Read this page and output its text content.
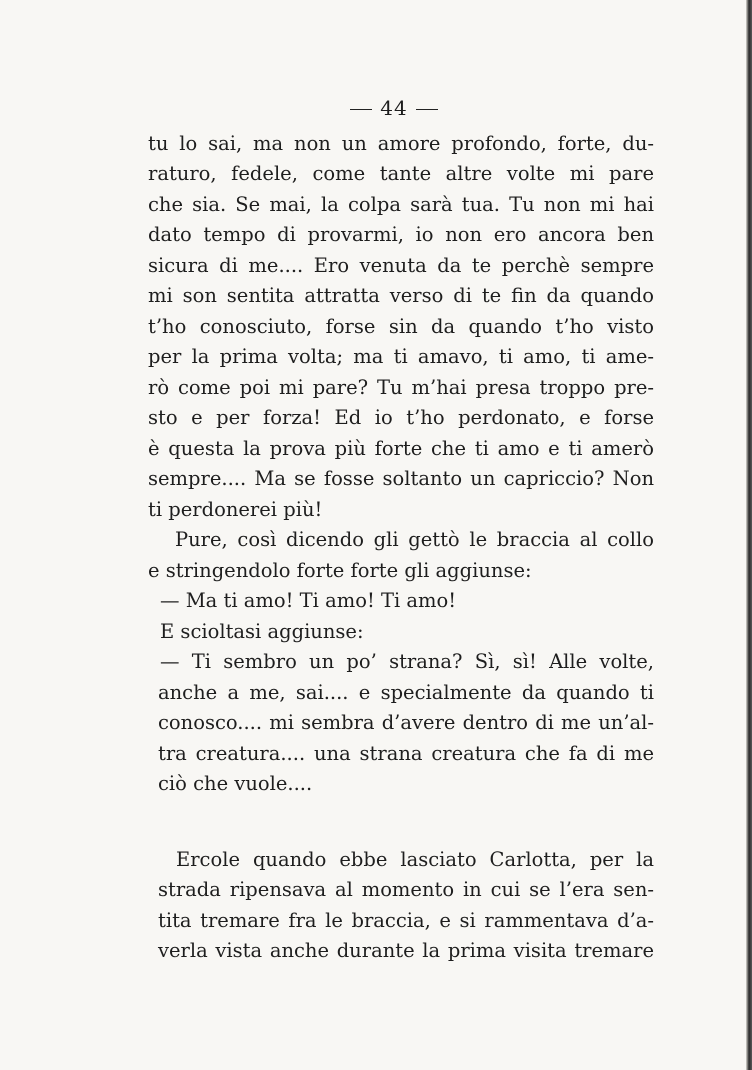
44
tu lo sai, ma non un amore profondo, forte, du-
raturo, fedele, come tante altre volte mi pare
che sia. Se mai, la colpa sarà tua. Tu non mi hai
dato tempo di provarmi, io non ero ancora ben
sicura di me.... Ero venuta da te perchè sempre
mi son sentita attratta verso di te fin da quando
t’ho conosciuto, forse sin da quando t’ho visto
per la prima volta; ma ti amavo, ti amo, ti ame-
rò come poi mi pare? Tu m’hai presa troppo pre-
sto e per forza! Ed io t’ho perdonato, e forse
è questa la prova più forte che ti amo e ti amerò
sempre.... Ma se fosse soltanto un capriccio? Non
ti perdonerei più!
Pure, così dicendo gli gettò le braccia al collo
e stringendolo forte forte gli aggiunse:
— Ma ti amo! Ti amo! Ti amo!
E scioltasi aggiunse:
— Ti sembro un po’ strana? Sì, sì! Alle volte,
anche a me, sai.... e specialmente da quando ti
conosco.... mi sembra d’avere dentro di me un’al-
tra creatura.... una strana creatura che fa di me
ciò che vuole....
Ercole quando ebbe lasciato Carlotta, per la
strada ripensava al momento in cui se l’era sen-
tita tremare fra le braccia, e si rammentava d’a-
verla vista anche durante la prima visita tremare
